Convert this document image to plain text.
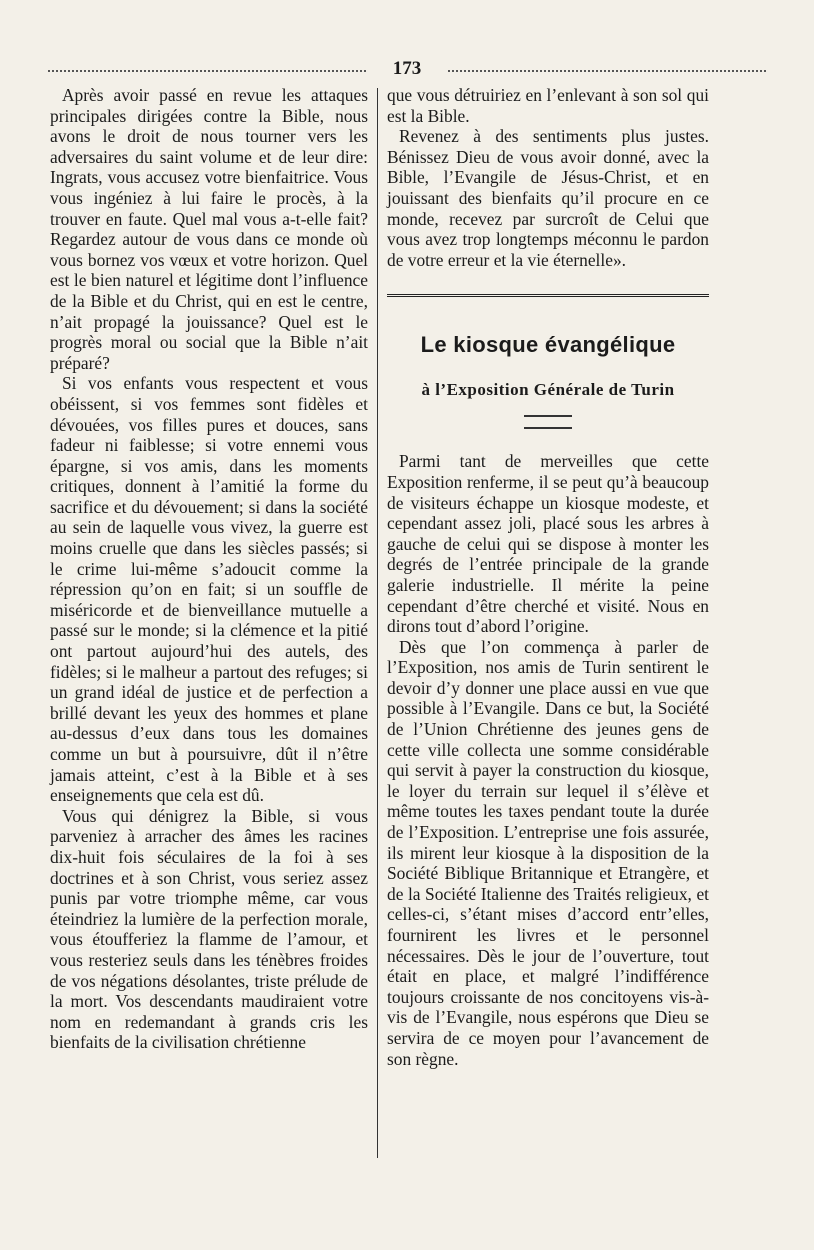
173

Après avoir passé en revue les attaques principales dirigées contre la Bible, nous avons le droit de nous tourner vers les adversaires du saint volume et de leur dire: Ingrats, vous accusez votre bienfaitrice. Vous vous ingéniez à lui faire le procès, à la trouver en faute. Quel mal vous a-t-elle fait? Regardez autour de vous dans ce monde où vous bornez vos vœux et votre horizon. Quel est le bien naturel et légitime dont l’influence de la Bible et du Christ, qui en est le centre, n’ait propagé la jouissance? Quel est le progrès moral ou social que la Bible n’ait préparé?

Si vos enfants vous respectent et vous obéissent, si vos femmes sont fidèles et dévouées, vos filles pures et douces, sans fadeur ni faiblesse; si votre ennemi vous épargne, si vos amis, dans les moments critiques, donnent à l’amitié la forme du sacrifice et du dévouement; si dans la société au sein de laquelle vous vivez, la guerre est moins cruelle que dans les siècles passés; si le crime lui-même s’adoucit comme la répression qu’on en fait; si un souffle de miséricorde et de bienveillance mutuelle a passé sur le monde; si la clémence et la pitié ont partout aujourd’hui des autels, des fidèles; si le malheur a partout des refuges; si un grand idéal de justice et de perfection a brillé devant les yeux des hommes et plane au-dessus d’eux dans tous les domaines comme un but à poursuivre, dût il n’être jamais atteint, c’est à la Bible et à ses enseignements que cela est dû.

Vous qui dénigrez la Bible, si vous parveniez à arracher des âmes les racines dix-huit fois séculaires de la foi à ses doctrines et à son Christ, vous seriez assez punis par votre triomphe même, car vous éteindriez la lumière de la perfection morale, vous étoufferiez la flamme de l’amour, et vous resteriez seuls dans les ténèbres froides de vos négations désolantes, triste prélude de la mort. Vos descendants maudiraient votre nom en redemandant à grands cris les bienfaits de la civilisation chrétienne

que vous détruiriez en l’enlevant à son sol qui est la Bible.

Revenez à des sentiments plus justes. Bénissez Dieu de vous avoir donné, avec la Bible, l’Evangile de Jésus-Christ, et en jouissant des bienfaits qu’il procure en ce monde, recevez par surcroît de Celui que vous avez trop longtemps méconnu le pardon de votre erreur et la vie éternelle».

Le kiosque évangélique
à l’Exposition Générale de Turin

Parmi tant de merveilles que cette Exposition renferme, il se peut qu’à beaucoup de visiteurs échappe un kiosque modeste, et cependant assez joli, placé sous les arbres à gauche de celui qui se dispose à monter les degrés de l’entrée principale de la grande galerie industrielle. Il mérite la peine cependant d’être cherché et visité. Nous en dirons tout d’abord l’origine.

Dès que l’on commença à parler de l’Exposition, nos amis de Turin sentirent le devoir d’y donner une place aussi en vue que possible à l’Evangile. Dans ce but, la Société de l’Union Chrétienne des jeunes gens de cette ville collecta une somme considérable qui servit à payer la construction du kiosque, le loyer du terrain sur lequel il s’élève et même toutes les taxes pendant toute la durée de l’Exposition. L’entreprise une fois assurée, ils mirent leur kiosque à la disposition de la Société Biblique Britannique et Etrangère, et de la Société Italienne des Traités religieux, et celles-ci, s’étant mises d’accord entr’elles, fournirent les livres et le personnel nécessaires. Dès le jour de l’ouverture, tout était en place, et malgré l’indifférence toujours croissante de nos concitoyens vis-à-vis de l’Evangile, nous espérons que Dieu se servira de ce moyen pour l’avancement de son règne.
